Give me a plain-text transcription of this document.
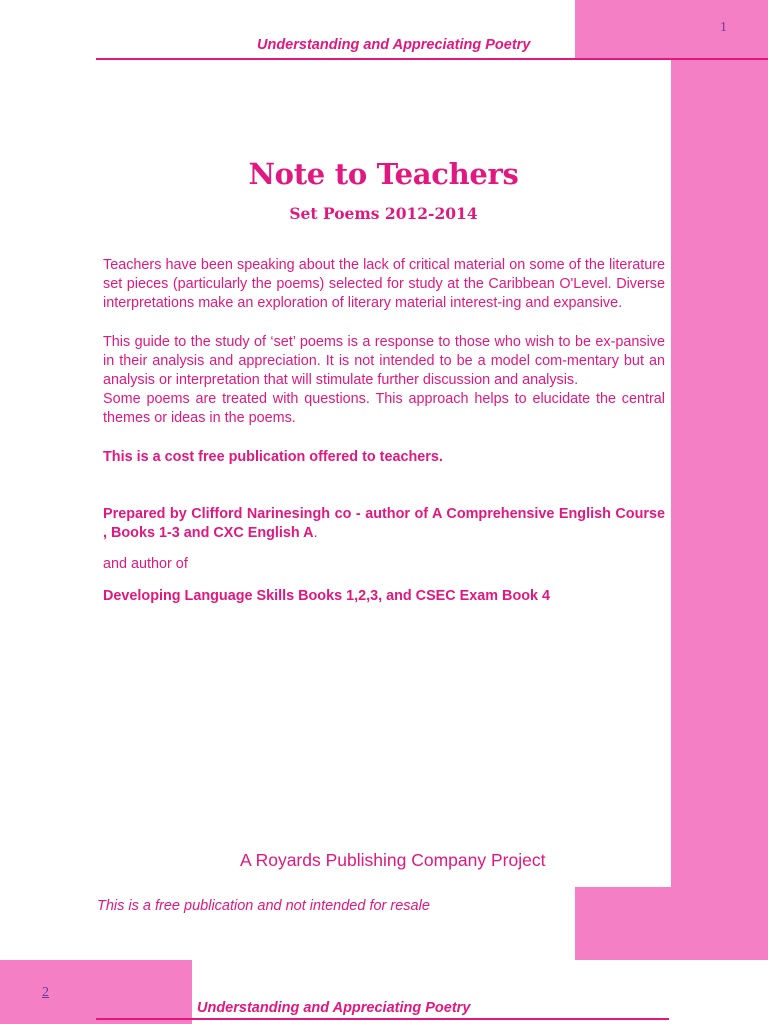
Understanding and Appreciating Poetry
1
Note to Teachers
Set Poems 2012-2014

Teachers have been speaking about the lack of critical material on some of the literature set pieces (particularly the poems) selected for study at the Caribbean O'Level. Diverse interpretations make an exploration of literary material interest-ing and expansive.

This guide to the study of ‘set’ poems is a response to those who wish to be ex-pansive in their analysis and appreciation. It is not intended to be a model com-mentary but an analysis or interpretation that will stimulate further discussion and analysis.

Some poems are treated with questions. This approach helps to elucidate the central themes or ideas in the poems.

This is a cost free publication offered to teachers.

Prepared by Clifford Narinesingh co - author of A Comprehensive English Course , Books 1-3 and CXC English A.

and author of

Developing Language Skills Books 1,2,3, and CSEC Exam Book 4

A Royards Publishing Company Project
This is a free publication and not intended for resale
2
Understanding and Appreciating Poetry
